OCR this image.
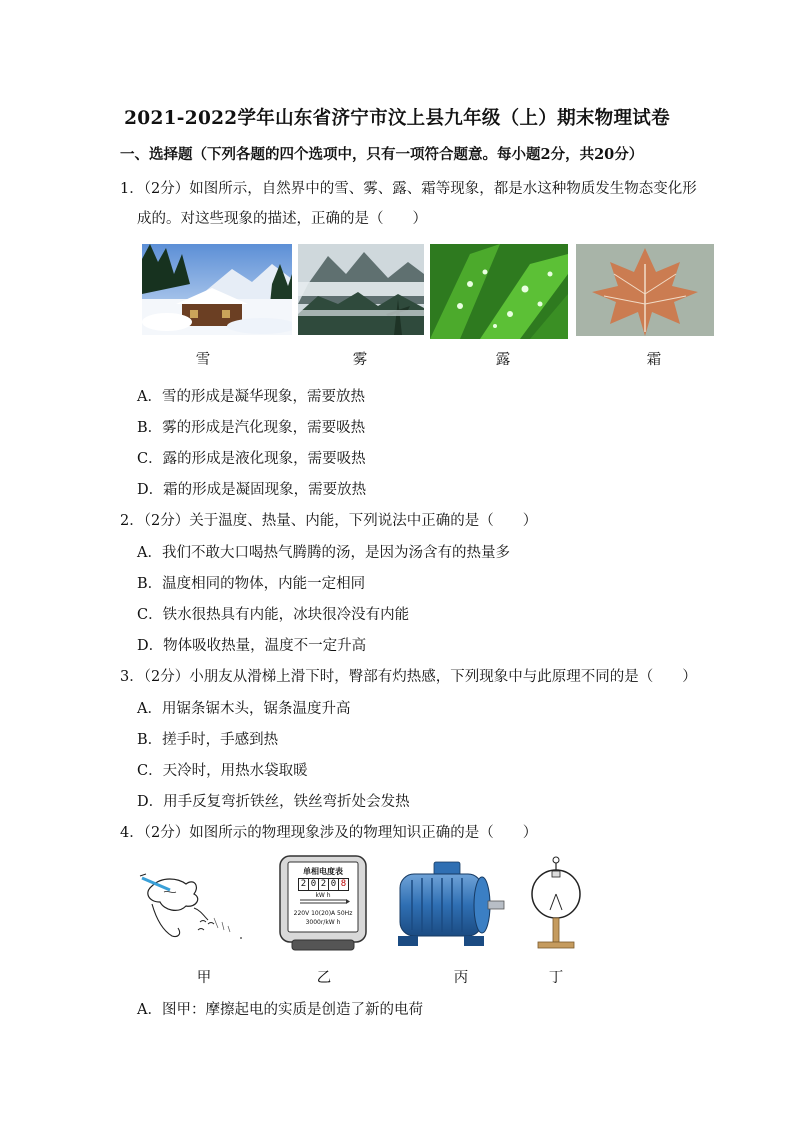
2021-2022学年山东省济宁市汶上县九年级（上）期末物理试卷
一、选择题（下列各题的四个选项中，只有一项符合题意。每小题2分，共20分）
1．（2分）如图所示，自然界中的雪、雾、露、霜等现象，都是水这种物质发生物态变化形
成的。对这些现象的描述，正确的是（　　）
雪	雾	露	霜
A．雪的形成是凝华现象，需要放热
B．雾的形成是汽化现象，需要吸热
C．露的形成是液化现象，需要吸热
D．霜的形成是凝固现象，需要放热
2．（2分）关于温度、热量、内能，下列说法中正确的是（　　）
A．我们不敢大口喝热气腾腾的汤，是因为汤含有的热量多
B．温度相同的物体，内能一定相同
C．铁水很热具有内能，冰块很冷没有内能
D．物体吸收热量，温度不一定升高
3．（2分）小朋友从滑梯上滑下时，臀部有灼热感，下列现象中与此原理不同的是（　　）
A．用锯条锯木头，锯条温度升高
B．搓手时，手感到热
C．天冷时，用热水袋取暖
D．用手反复弯折铁丝，铁丝弯折处会发热
4．（2分）如图所示的物理现象涉及的物理知识正确的是（　　）
单相电度表
2 0 2 0 8
kW h
220V 10(20)A 50Hz
3000r/kW h
甲	乙	丙	丁
A．图甲：摩擦起电的实质是创造了新的电荷
